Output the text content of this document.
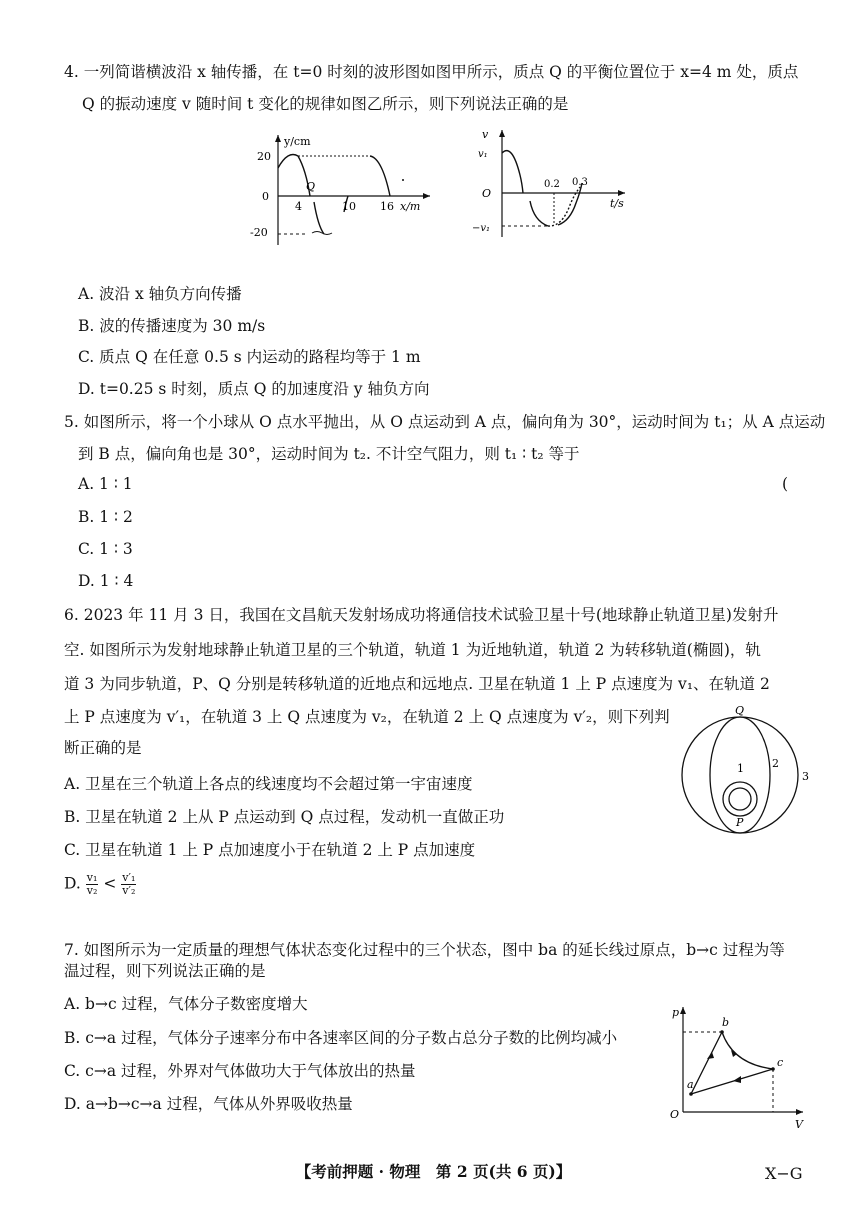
4. 一列简谐横波沿 x 轴传播，在 t=0 时刻的波形图如图甲所示，质点 Q 的平衡位置位于 x=4 m 处，质点
Q 的振动速度 v 随时间 t 变化的规律如图乙所示，则下列说法正确的是
y/cm
20
0
-20
Q
4	10 16 x/m
v
v₁
O
−v₁
0.2 0.3
t/s
A. 波沿 x 轴负方向传播
B. 波的传播速度为 30 m/s
C. 质点 Q 在任意 0.5 s 内运动的路程均等于 1 m
D. t=0.25 s 时刻，质点 Q 的加速度沿 y 轴负方向
5. 如图所示，将一个小球从 O 点水平抛出，从 O 点运动到 A 点，偏向角为 30°，运动时间为 t₁；从 A 点运动
到 B 点，偏向角也是 30°，运动时间为 t₂. 不计空气阻力，则 t₁ ∶ t₂ 等于
A. 1 ∶ 1	(
B. 1 ∶ 2
C. 1 ∶ 3
D. 1 ∶ 4
6. 2023 年 11 月 3 日，我国在文昌航天发射场成功将通信技术试验卫星十号(地球静止轨道卫星)发射升
空. 如图所示为发射地球静止轨道卫星的三个轨道，轨道 1 为近地轨道，轨道 2 为转移轨道(椭圆)，轨
道 3 为同步轨道，P、Q 分别是转移轨道的近地点和远地点. 卫星在轨道 1 上 P 点速度为 v₁、在轨道 2
上 P 点速度为 v′₁，在轨道 3 上 Q 点速度为 v₂，在轨道 2 上 Q 点速度为 v′₂，则下列判
断正确的是
A. 卫星在三个轨道上各点的线速度均不会超过第一宇宙速度
B. 卫星在轨道 2 上从 P 点运动到 Q 点过程，发动机一直做正功
C. 卫星在轨道 1 上 P 点加速度小于在轨道 2 上 P 点加速度
D. $\frac{\text{v₁}}{\text{v₂}} < \frac{\text{v′₁}}{\text{v′₂}}$
Q
P
1	2
3
7. 如图所示为一定质量的理想气体状态变化过程中的三个状态，图中 ba 的延长线过原点，b→c 过程为等
温过程，则下列说法正确的是
A. b→c 过程，气体分子数密度增大
B. c→a 过程，气体分子速率分布中各速率区间的分子数占总分子数的比例均减小
C. c→a 过程，外界对气体做功大于气体放出的热量
D. a→b→c→a 过程，气体从外界吸收热量
p
V
O
a
b
c
【考前押题 · 物理　第 2 页(共 6 页)】	X−G
